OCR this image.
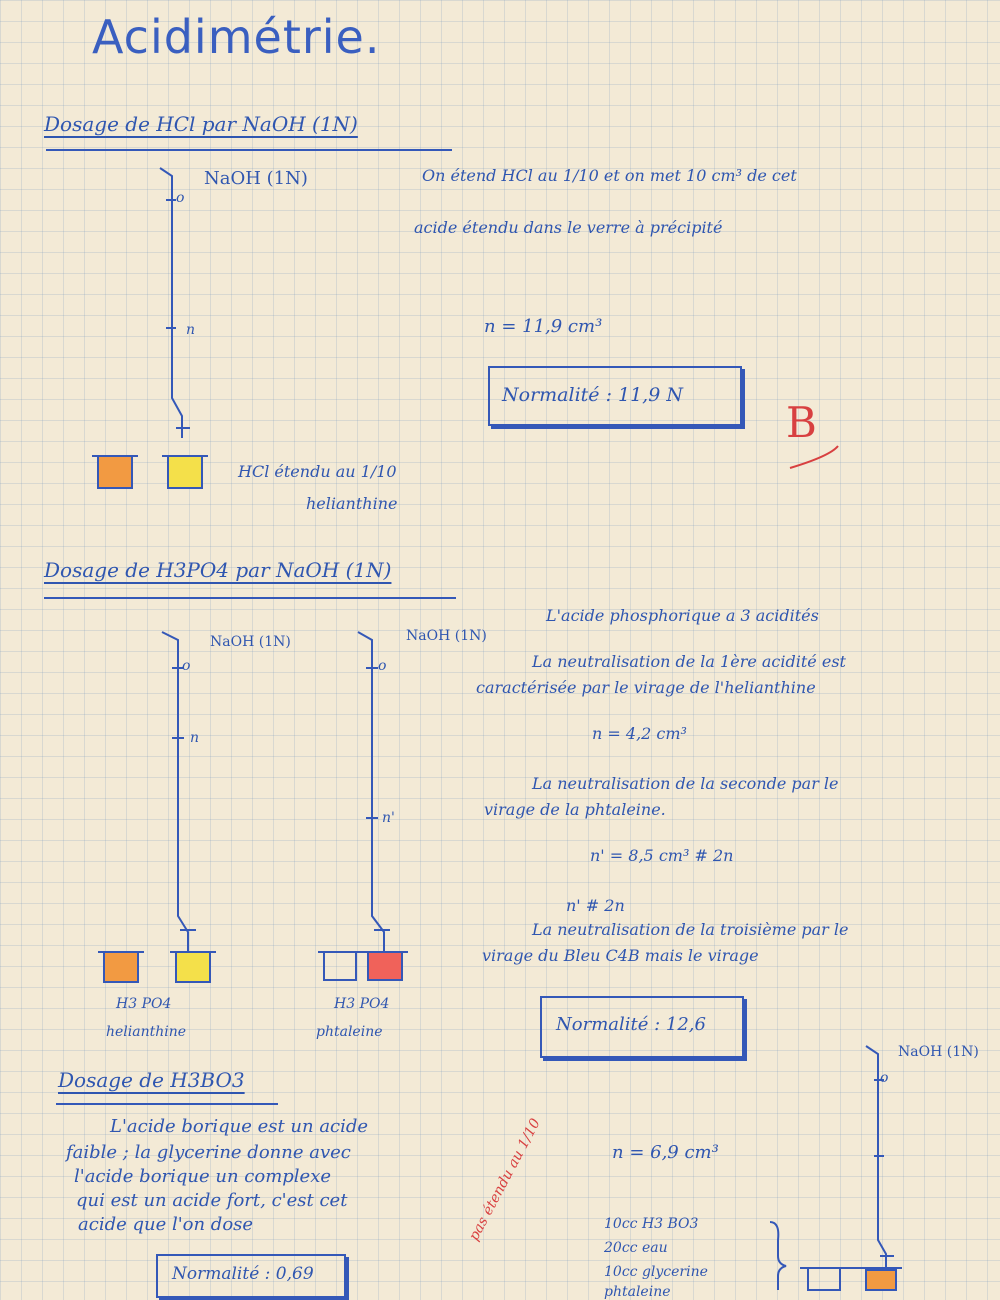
Acidimétrie.
Dosage de HCl par NaOH (1N)
NaOH (1N)
o
n
On étend HCl au 1/10 et on met 10 cm³ de cet
acide étendu dans le verre à précipité
n = 11,9 cm³
Normalité : 11,9 N
B
HCl étendu au 1/10
helianthine
Dosage de H3PO4 par NaOH (1N)
NaOH (1N)	NaOH (1N)
o
n
o
n'
H3 PO4
helianthine
H3 PO4
phtaleine
L'acide phosphorique a 3 acidités
La neutralisation de la 1ère acidité est
caractérisée par le virage de l'helianthine
n = 4,2 cm³
La neutralisation de la seconde par le
virage de la phtaleine.
n' = 8,5 cm³ # 2n
n' # 2n
La neutralisation de la troisième par le
virage du Bleu C4B mais le virage
Normalité : 12,6
Dosage de H3BO3
L'acide borique est un acide
faible ; la glycerine donne avec
l'acide borique un complexe
qui est un acide fort, c'est cet
acide que l'on dose
Normalité : 0,69
n = 6,9 cm³
NaOH (1N)
o
10cc H3 BO3
20cc eau
10cc glycerine
phtaleine
pas étendu au 1/10
